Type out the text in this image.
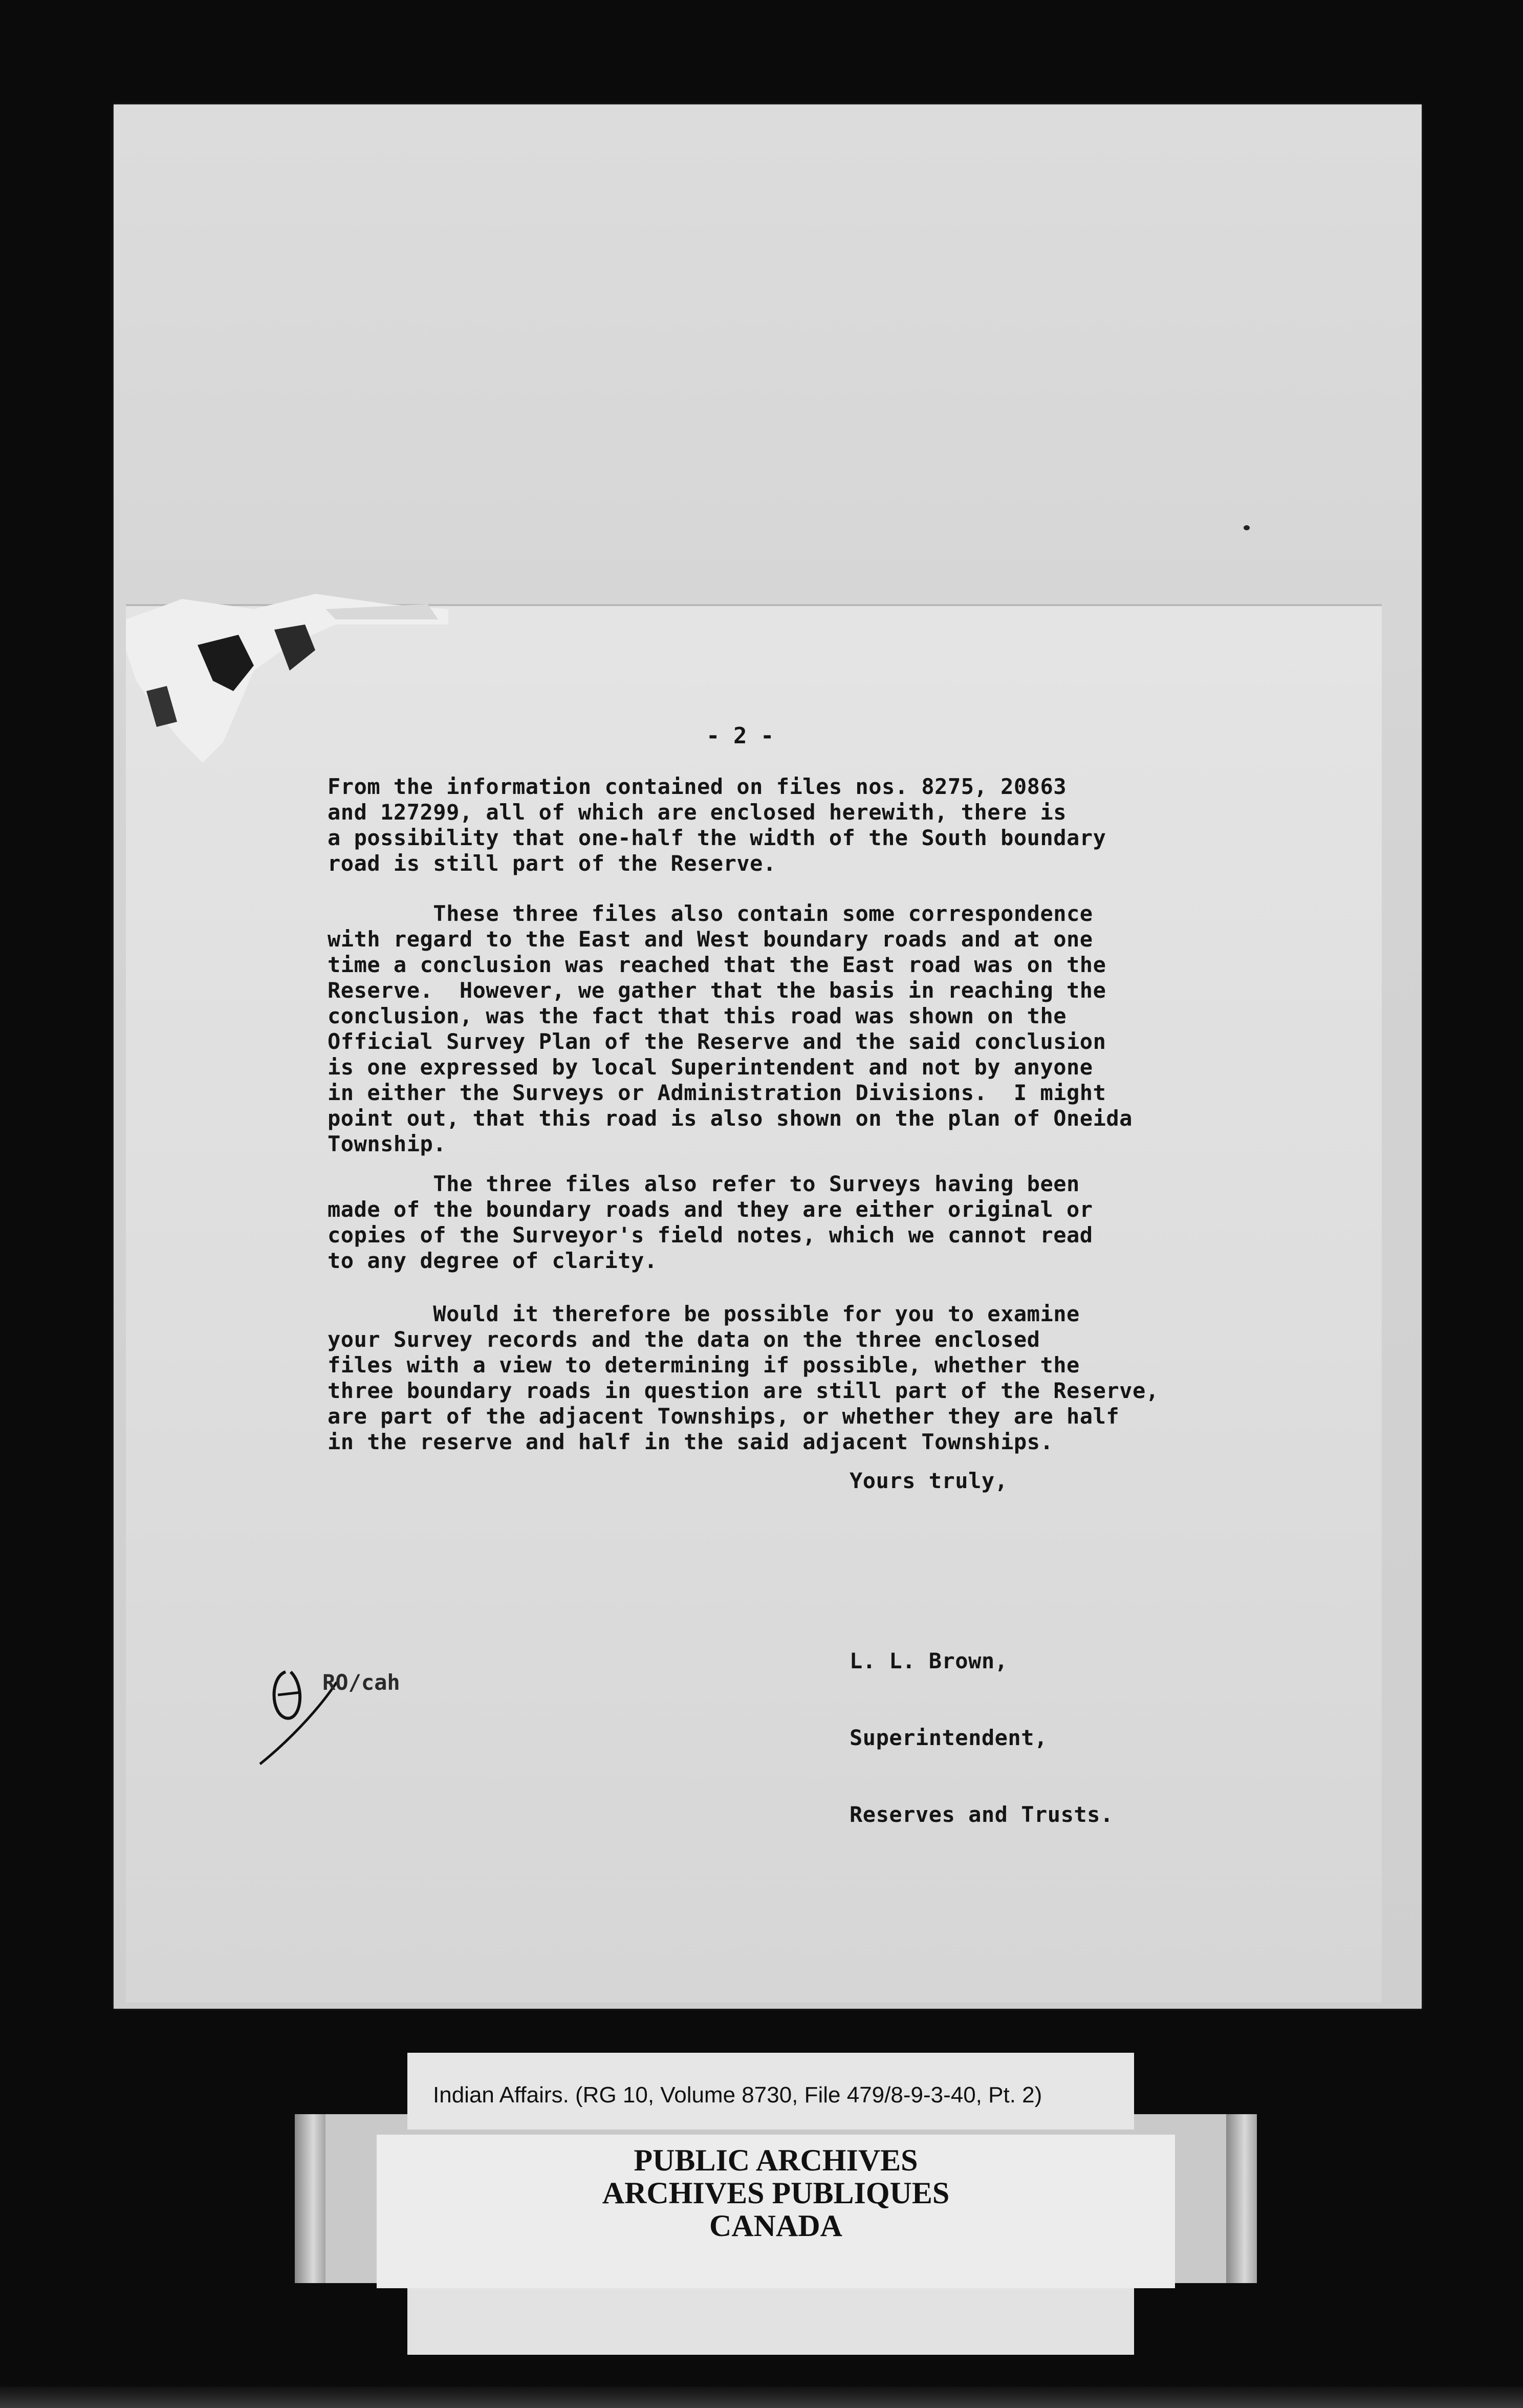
- 2 -
From the information contained on files nos. 8275, 20863
and 127299, all of which are enclosed herewith, there is
a possibility that one-half the width of the South boundary
road is still part of the Reserve.
These three files also contain some correspondence
with regard to the East and West boundary roads and at one
time a conclusion was reached that the East road was on the
Reserve.  However, we gather that the basis in reaching the
conclusion, was the fact that this road was shown on the
Official Survey Plan of the Reserve and the said conclusion
is one expressed by local Superintendent and not by anyone
in either the Surveys or Administration Divisions.  I might
point out, that this road is also shown on the plan of Oneida
Township.
The three files also refer to Surveys having been
made of the boundary roads and they are either original or
copies of the Surveyor's field notes, which we cannot read
to any degree of clarity.
Would it therefore be possible for you to examine
your Survey records and the data on the three enclosed
files with a view to determining if possible, whether the
three boundary roads in question are still part of the Reserve,
are part of the adjacent Townships, or whether they are half
in the reserve and half in the said adjacent Townships.
Yours truly,

L. L. Brown,

Superintendent,

Reserves and Trusts.

RO/cah
Indian Affairs. (RG 10, Volume 8730, File 479/8-9-3-40, Pt. 2)
PUBLIC ARCHIVES
ARCHIVES PUBLIQUES
CANADA
